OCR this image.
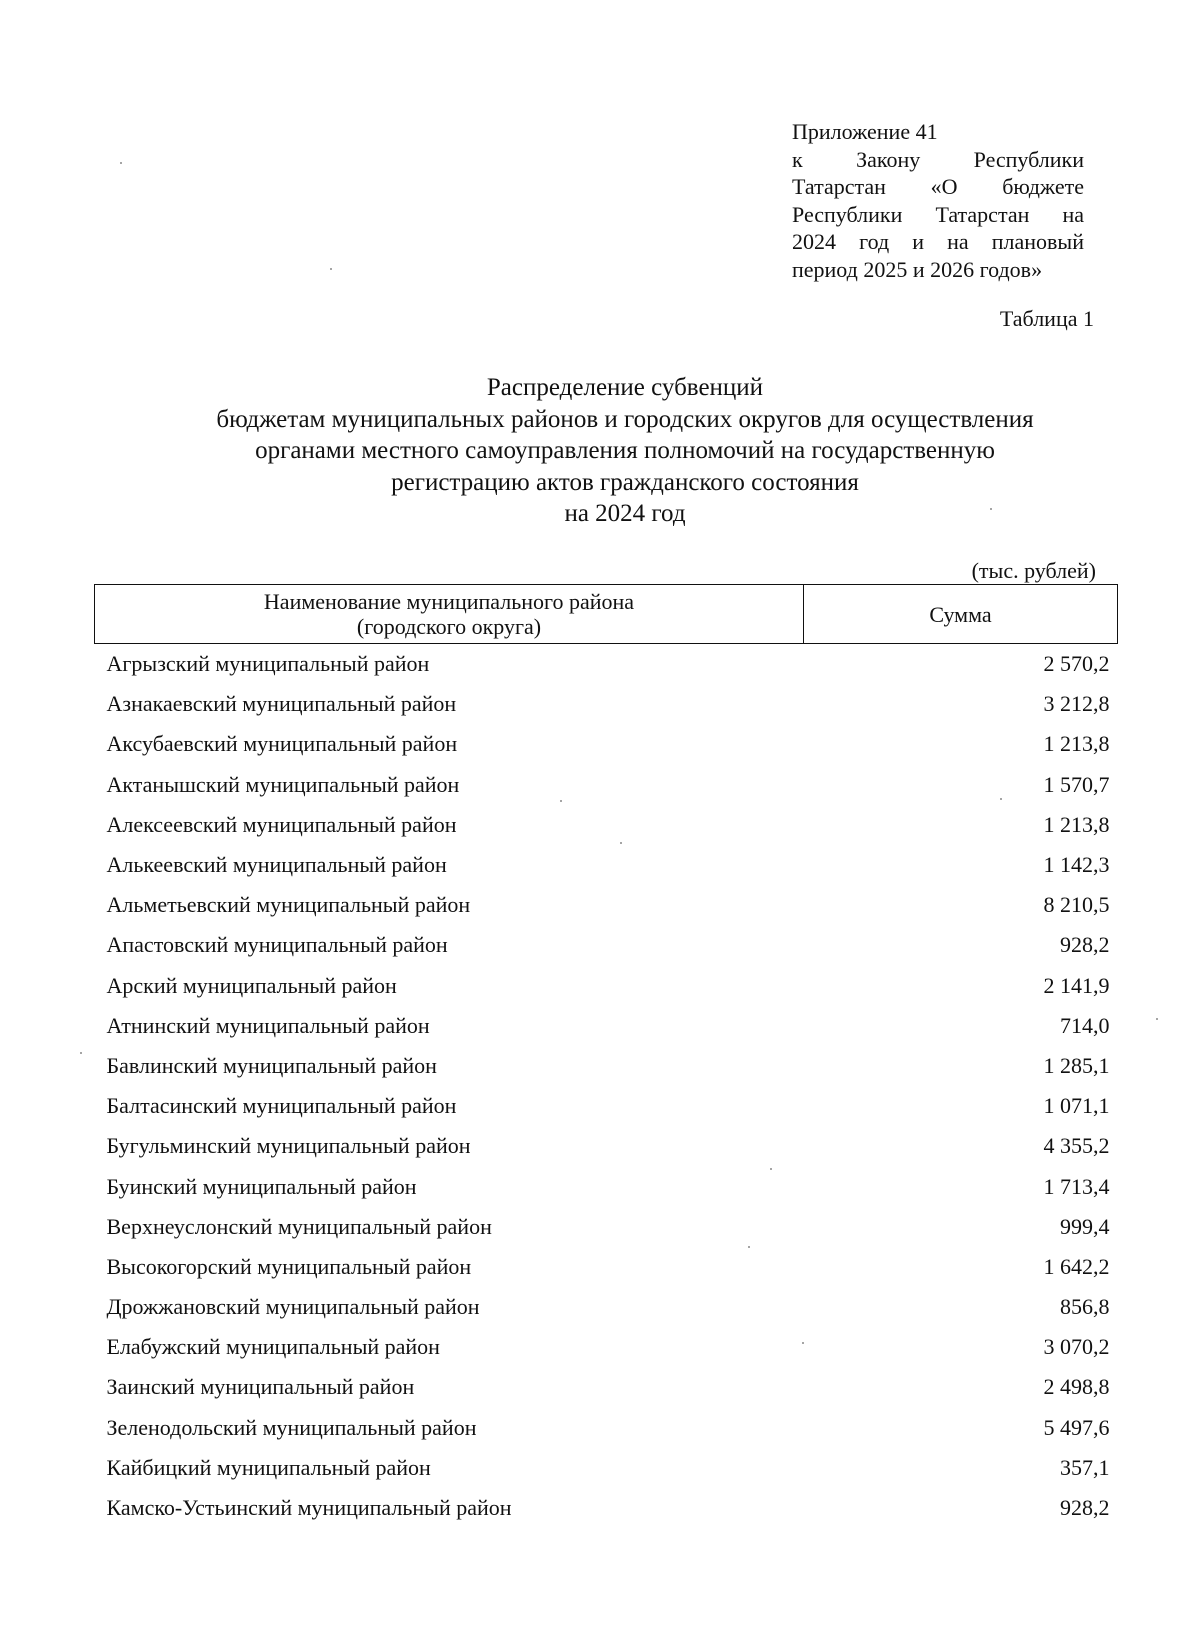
Приложение 41
к Закону Республики
Татарстан «О бюджете
Республики Татарстан на
2024 год и на плановый
период 2025 и 2026 годов»
Таблица 1
Распределение субвенций
бюджетам муниципальных районов и городских округов для осуществления
органами местного самоуправления полномочий на государственную
регистрацию актов гражданского состояния
на 2024 год
(тыс. рублей)
Наименование муниципального района
(городского округа)	Сумма
Агрызский муниципальный район	2 570,2
Азнакаевский муниципальный район	3 212,8
Аксубаевский муниципальный район	1 213,8
Актанышский муниципальный район	1 570,7
Алексеевский муниципальный район	1 213,8
Алькеевский муниципальный район	1 142,3
Альметьевский муниципальный район	8 210,5
Апастовский муниципальный район	928,2
Арский муниципальный район	2 141,9
Атнинский муниципальный район	714,0
Бавлинский муниципальный район	1 285,1
Балтасинский муниципальный район	1 071,1
Бугульминский муниципальный район	4 355,2
Буинский муниципальный район	1 713,4
Верхнеуслонский муниципальный район	999,4
Высокогорский муниципальный район	1 642,2
Дрожжановский муниципальный район	856,8
Елабужский муниципальный район	3 070,2
Заинский муниципальный район	2 498,8
Зеленодольский муниципальный район	5 497,6
Кайбицкий муниципальный район	357,1
Камско-Устьинский муниципальный район	928,2
